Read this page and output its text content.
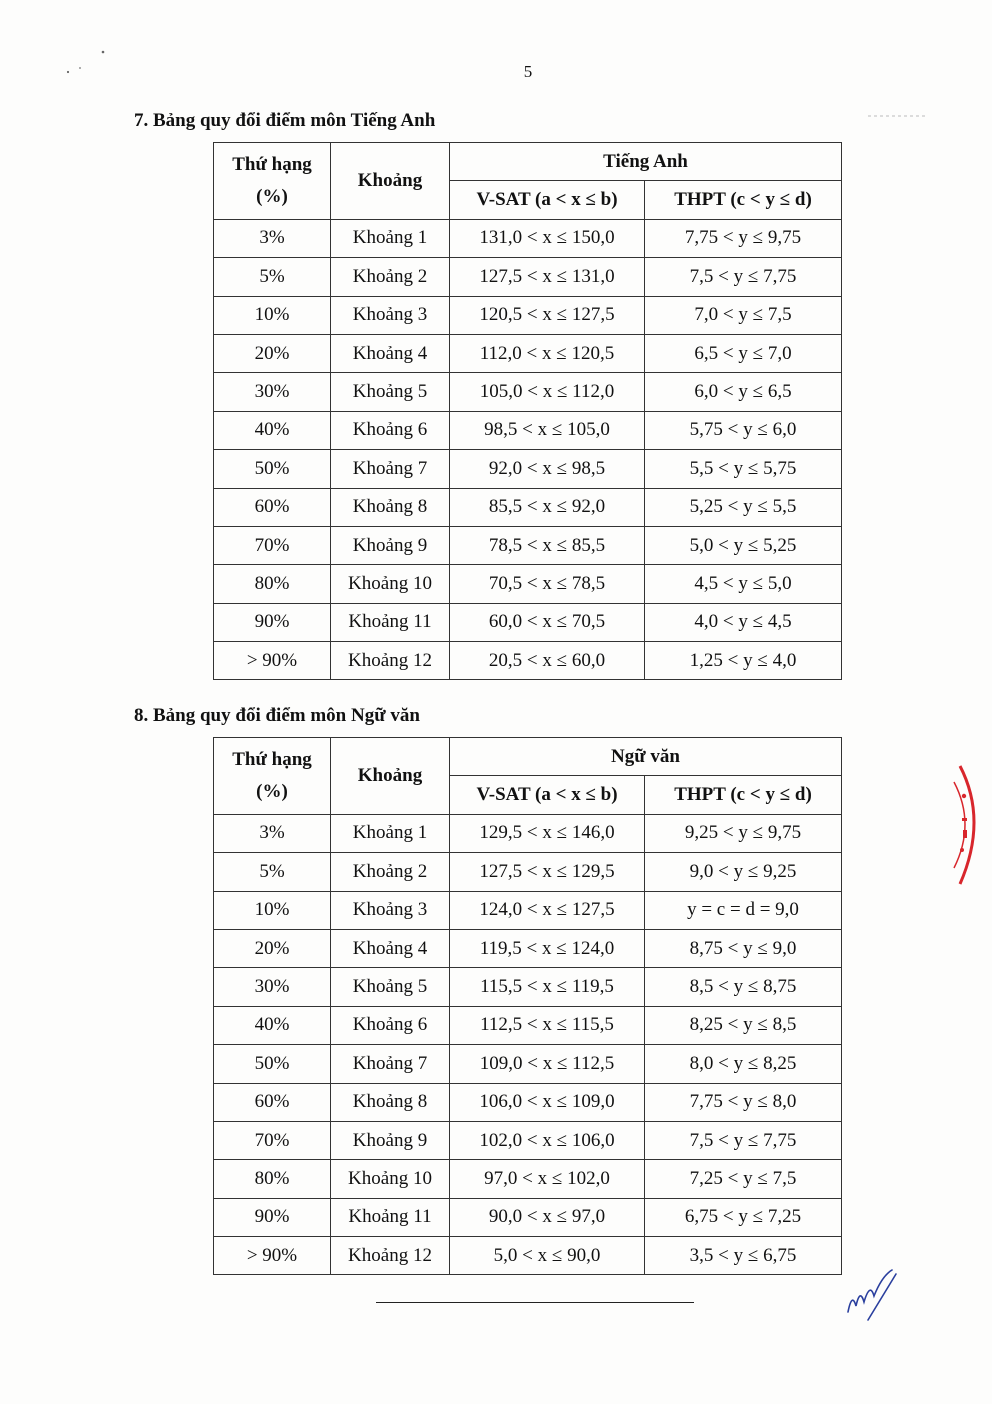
5
7. Bảng quy đổi điểm môn Tiếng Anh
Thứ hạng
(%)	Khoảng	Tiếng Anh	
		V-SAT (a < x ≤ b)	THPT (c < y ≤ d)
3%	Khoảng 1	131,0 < x ≤ 150,0	7,75 < y ≤ 9,75
5%	Khoảng 2	127,5 < x ≤ 131,0	7,5 < y ≤ 7,75
10%	Khoảng 3	120,5 < x ≤ 127,5	7,0 < y ≤ 7,5
20%	Khoảng 4	112,0 < x ≤ 120,5	6,5 < y ≤ 7,0
30%	Khoảng 5	105,0 < x ≤ 112,0	6,0 < y ≤ 6,5
40%	Khoảng 6	98,5 < x ≤ 105,0	5,75 < y ≤ 6,0
50%	Khoảng 7	92,0 < x ≤ 98,5	5,5 < y ≤ 5,75
60%	Khoảng 8	85,5 < x ≤ 92,0	5,25 < y ≤ 5,5
70%	Khoảng 9	78,5 < x ≤ 85,5	5,0 < y ≤ 5,25
80%	Khoảng 10	70,5 < x ≤ 78,5	4,5 < y ≤ 5,0
90%	Khoảng 11	60,0 < x ≤ 70,5	4,0 < y ≤ 4,5
> 90%	Khoảng 12	20,5 < x ≤ 60,0	1,25 < y ≤ 4,0
8. Bảng quy đổi điểm môn Ngữ văn
Thứ hạng
(%)	Khoảng	Ngữ văn	
		V-SAT (a < x ≤ b)	THPT (c < y ≤ d)
3%	Khoảng 1	129,5 < x ≤ 146,0	9,25 < y ≤ 9,75
5%	Khoảng 2	127,5 < x ≤ 129,5	9,0 < y ≤ 9,25
10%	Khoảng 3	124,0 < x ≤ 127,5	y = c = d = 9,0
20%	Khoảng 4	119,5 < x ≤ 124,0	8,75 < y ≤ 9,0
30%	Khoảng 5	115,5 < x ≤ 119,5	8,5 < y ≤ 8,75
40%	Khoảng 6	112,5 < x ≤ 115,5	8,25 < y ≤ 8,5
50%	Khoảng 7	109,0 < x ≤ 112,5	8,0 < y ≤ 8,25
60%	Khoảng 8	106,0 < x ≤ 109,0	7,75 < y ≤ 8,0
70%	Khoảng 9	102,0 < x ≤ 106,0	7,5 < y ≤ 7,75
80%	Khoảng 10	97,0 < x ≤ 102,0	7,25 < y ≤ 7,5
90%	Khoảng 11	90,0 < x ≤ 97,0	6,75 < y ≤ 7,25
> 90%	Khoảng 12	5,0 < x ≤ 90,0	3,5 < y ≤ 6,75
